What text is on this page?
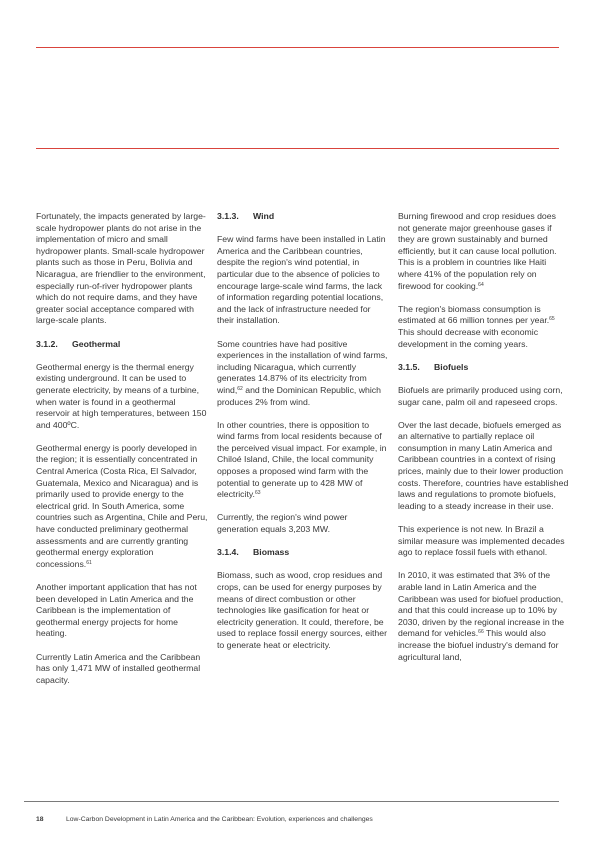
Fortunately, the impacts generated by large-scale hydropower plants do not arise in the implementation of micro and small hydropower plants. Small-scale hydropower plants such as those in Peru, Bolivia and Nicaragua, are friendlier to the environment, especially run-of-river hydropower plants which do not require dams, and they have greater social acceptance compared with large-scale plants.

3.1.2. Geothermal

Geothermal energy is the thermal energy existing underground. It can be used to generate electricity, by means of a turbine, when water is found in a geothermal reservoir at high temperatures, between 150 and 400ºC.

Geothermal energy is poorly developed in the region; it is essentially concentrated in Central America (Costa Rica, El Salvador, Guatemala, Mexico and Nicaragua) and is primarily used to provide energy to the electrical grid. In South America, some countries such as Argentina, Chile and Peru, have conducted preliminary geothermal assessments and are currently granting geothermal energy exploration concessions.$^{61}$

Another important application that has not been developed in Latin America and the Caribbean is the implementation of geothermal energy projects for home heating.

Currently Latin America and the Caribbean has only 1,471 MW of installed geothermal capacity.

3.1.3. Wind

Few wind farms have been installed in Latin America and the Caribbean countries, despite the region's wind potential, in particular due to the absence of policies to encourage large-scale wind farms, the lack of information regarding potential locations, and the lack of infrastructure needed for their installation.

Some countries have had positive experiences in the installation of wind farms, including Nicaragua, which currently generates 14.87% of its electricity from wind,$^{62}$ and the Dominican Republic, which produces 2% from wind.

In other countries, there is opposition to wind farms from local residents because of the perceived visual impact. For example, in Chiloé Island, Chile, the local community opposes a proposed wind farm with the potential to generate up to 428 MW of electricity.$^{63}$

Currently, the region's wind power generation equals 3,203 MW.

3.1.4. Biomass

Biomass, such as wood, crop residues and crops, can be used for energy purposes by means of direct combustion or other technologies like gasification for heat or electricity generation. It could, therefore, be used to replace fossil energy sources, either to generate heat or electricity.

Burning firewood and crop residues does not generate major greenhouse gases if they are grown sustainably and burned efficiently, but it can cause local pollution. This is a problem in countries like Haiti where 41% of the population rely on firewood for cooking.$^{64}$

The region's biomass consumption is estimated at 66 million tonnes per year.$^{65}$ This should decrease with economic development in the coming years.

3.1.5. Biofuels

Biofuels are primarily produced using corn, sugar cane, palm oil and rapeseed crops.

Over the last decade, biofuels emerged as an alternative to partially replace oil consumption in many Latin America and Caribbean countries in a context of rising prices, mainly due to their lower production costs. Therefore, countries have established laws and regulations to promote biofuels, leading to a steady increase in their use.

This experience is not new. In Brazil a similar measure was implemented decades ago to replace fossil fuels with ethanol.

In 2010, it was estimated that 3% of the arable land in Latin America and the Caribbean was used for biofuel production, and that this could increase up to 10% by 2030, driven by the regional increase in the demand for vehicles.$^{66}$ This would also increase the biofuel industry's demand for agricultural land,

18	Low-Carbon Development in Latin America and the Caribbean: Evolution, experiences and challenges
